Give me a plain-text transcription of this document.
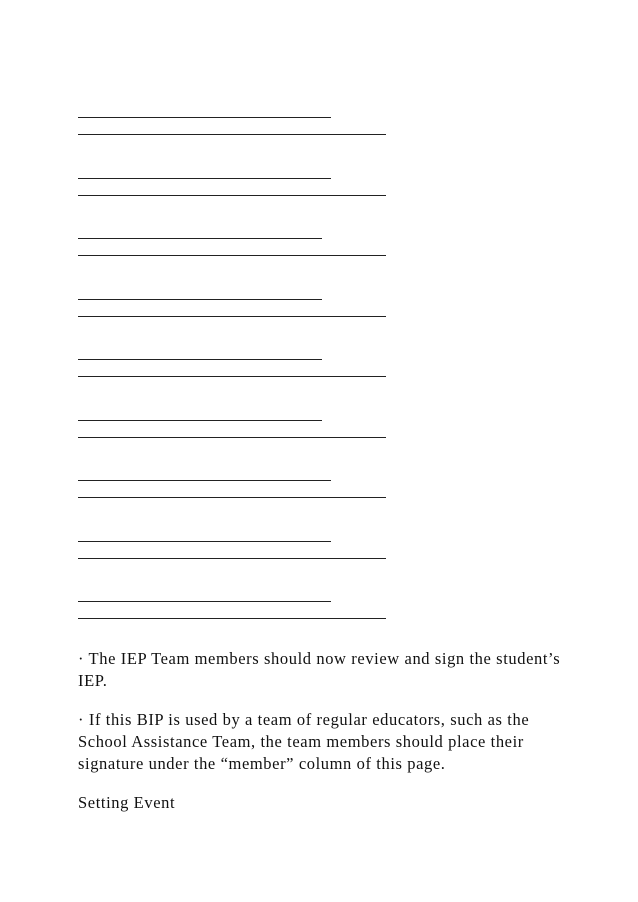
· The IEP Team members should now review and sign the student’s IEP.
· If this BIP is used by a team of regular educators, such as the School Assistance Team, the team members should place their signature under the “member” column of this page.
Setting Event
